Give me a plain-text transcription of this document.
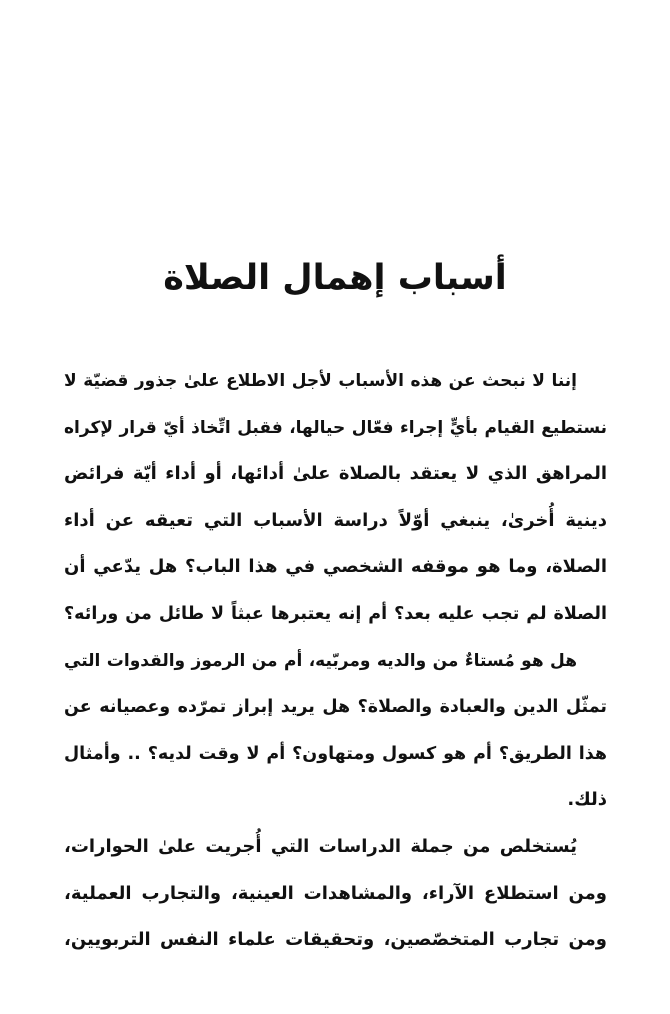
أسباب إهمال الصلاة

إننا لا نبحث عن هذه الأسباب لأجل الاطلاع علىٰ جذور قضيّة لا
نستطيع القيام بأيٍّ إجراء فعّال حيالها، فقبل اتِّخاذ أيّ قرار لإكراه
المراهق الذي لا يعتقد بالصلاة علىٰ أدائها، أو أداء أيّة فرائض
دينية أُخرىٰ، ينبغي أوّلاً دراسة الأسباب التي تعيقه عن أداء
الصلاة، وما هو موقفه الشخصي في هذا الباب؟ هل يدّعي أن
الصلاة لم تجب عليه بعد؟ أم إنه يعتبرها عبثاً لا طائل من ورائه؟

هل هو مُستاءٌ من والديه ومربّيه، أم من الرموز والقدوات التي
تمثّل الدين والعبادة والصلاة؟ هل يريد إبراز تمرّده وعصيانه عن
هذا الطريق؟ أم هو كسول ومتهاون؟ أم لا وقت لديه؟ .. وأمثال
ذلك.

يُستخلص من جملة الدراسات التي أُجريت علىٰ الحوارات،
ومن استطلاع الآراء، والمشاهدات العينية، والتجارب العملية،
ومن تجارب المتخصّصين، وتحقيقات علماء النفس التربويين،
